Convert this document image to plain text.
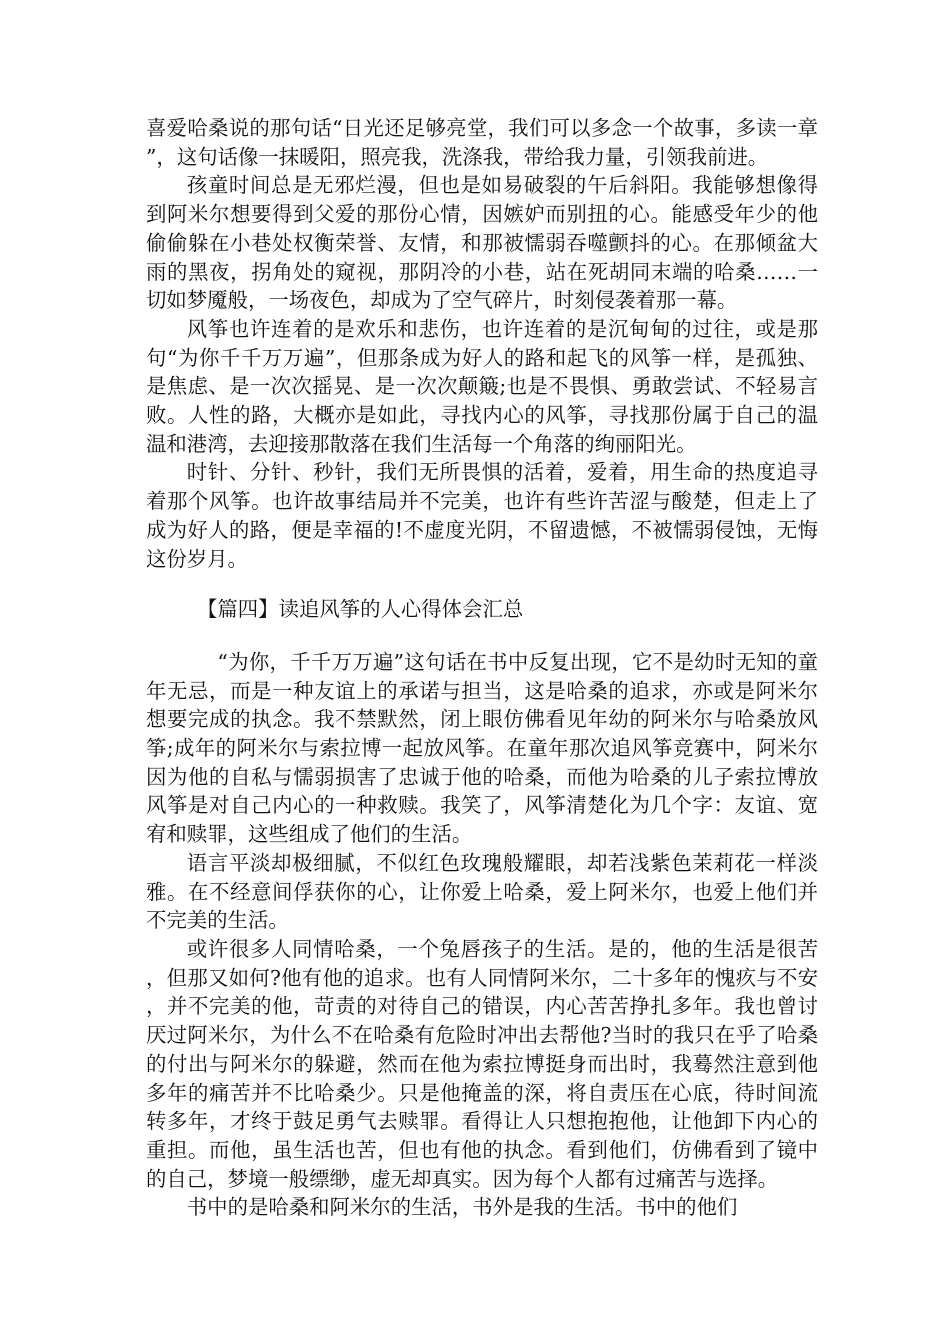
喜爱哈桑说的那句话“日光还足够亮堂，我们可以多念一个故事，多读一章”，这句话像一抹暖阳，照亮我，洗涤我，带给我力量，引领我前进。

孩童时间总是无邪烂漫，但也是如易破裂的午后斜阳。我能够想像得到阿米尔想要得到父爱的那份心情，因嫉妒而别扭的心。能感受年少的他偷偷躲在小巷处权衡荣誉、友情，和那被懦弱吞噬颤抖的心。在那倾盆大雨的黑夜，拐角处的窥视，那阴冷的小巷，站在死胡同末端的哈桑……一切如梦魇般，一场夜色，却成为了空气碎片，时刻侵袭着那一幕。

风筝也许连着的是欢乐和悲伤，也许连着的是沉甸甸的过往，或是那句“为你千千万万遍”，但那条成为好人的路和起飞的风筝一样，是孤独、是焦虑、是一次次摇晃、是一次次颠簸;也是不畏惧、勇敢尝试、不轻易言败。人性的路，大概亦是如此，寻找内心的风筝，寻找那份属于自己的温温和港湾，去迎接那散落在我们生活每一个角落的绚丽阳光。

时针、分针、秒针，我们无所畏惧的活着，爱着，用生命的热度追寻着那个风筝。也许故事结局并不完美，也许有些许苦涩与酸楚，但走上了成为好人的路，便是幸福的!不虚度光阴，不留遗憾，不被懦弱侵蚀，无悔这份岁月。

【篇四】读追风筝的人心得体会汇总

“为你，千千万万遍”这句话在书中反复出现，它不是幼时无知的童年无忌，而是一种友谊上的承诺与担当，这是哈桑的追求，亦或是阿米尔想要完成的执念。我不禁默然，闭上眼仿佛看见年幼的阿米尔与哈桑放风筝;成年的阿米尔与索拉博一起放风筝。在童年那次追风筝竞赛中，阿米尔因为他的自私与懦弱损害了忠诚于他的哈桑，而他为哈桑的儿子索拉博放风筝是对自己内心的一种救赎。我笑了，风筝清楚化为几个字：友谊、宽宥和赎罪，这些组成了他们的生活。

语言平淡却极细腻，不似红色玫瑰般耀眼，却若浅紫色茉莉花一样淡雅。在不经意间俘获你的心，让你爱上哈桑，爱上阿米尔，也爱上他们并不完美的生活。

或许很多人同情哈桑，一个兔唇孩子的生活。是的，他的生活是很苦，但那又如何?他有他的追求。也有人同情阿米尔，二十多年的愧疚与不安，并不完美的他，苛责的对待自己的错误，内心苦苦挣扎多年。我也曾讨厌过阿米尔，为什么不在哈桑有危险时冲出去帮他?当时的我只在乎了哈桑的付出与阿米尔的躲避，然而在他为索拉博挺身而出时，我蓦然注意到他多年的痛苦并不比哈桑少。只是他掩盖的深，将自责压在心底，待时间流转多年，才终于鼓足勇气去赎罪。看得让人只想抱抱他，让他卸下内心的重担。而他，虽生活也苦，但也有他的执念。看到他们，仿佛看到了镜中的自己，梦境一般缥缈，虚无却真实。因为每个人都有过痛苦与选择。

书中的是哈桑和阿米尔的生活，书外是我的生活。书中的他们
